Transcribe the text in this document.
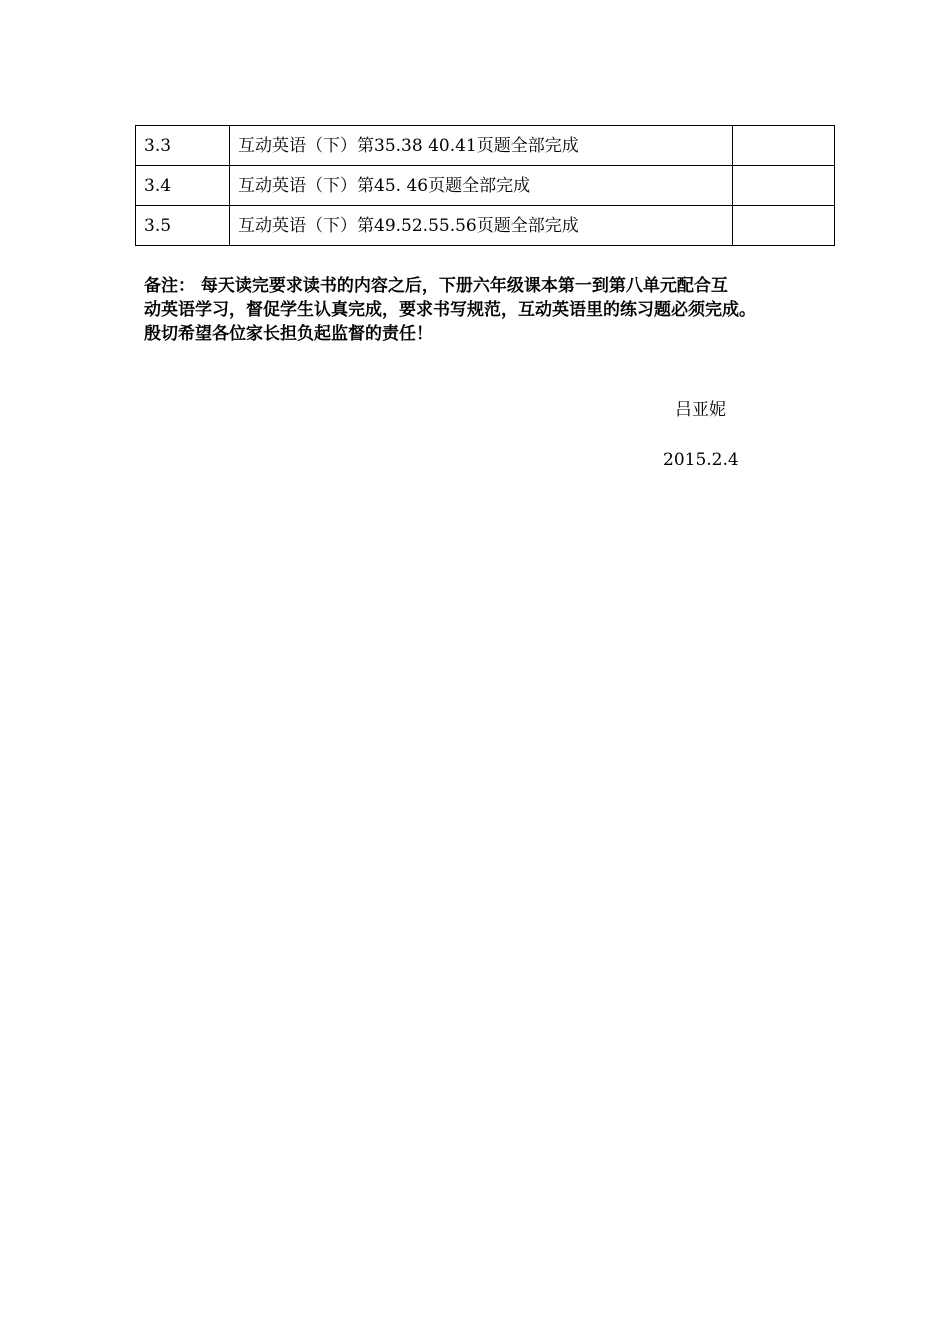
3.3	互动英语（下）第35.38 40.41页题全部完成	
3.4	互动英语（下）第45. 46页题全部完成	
3.5	互动英语（下）第49.52.55.56页题全部完成	
备注： 每天读完要求读书的内容之后，下册六年级课本第一到第八单元配合互
动英语学习，督促学生认真完成，要求书写规范，互动英语里的练习题必须完成。
殷切希望各位家长担负起监督的责任！
吕亚妮
2015.2.4
